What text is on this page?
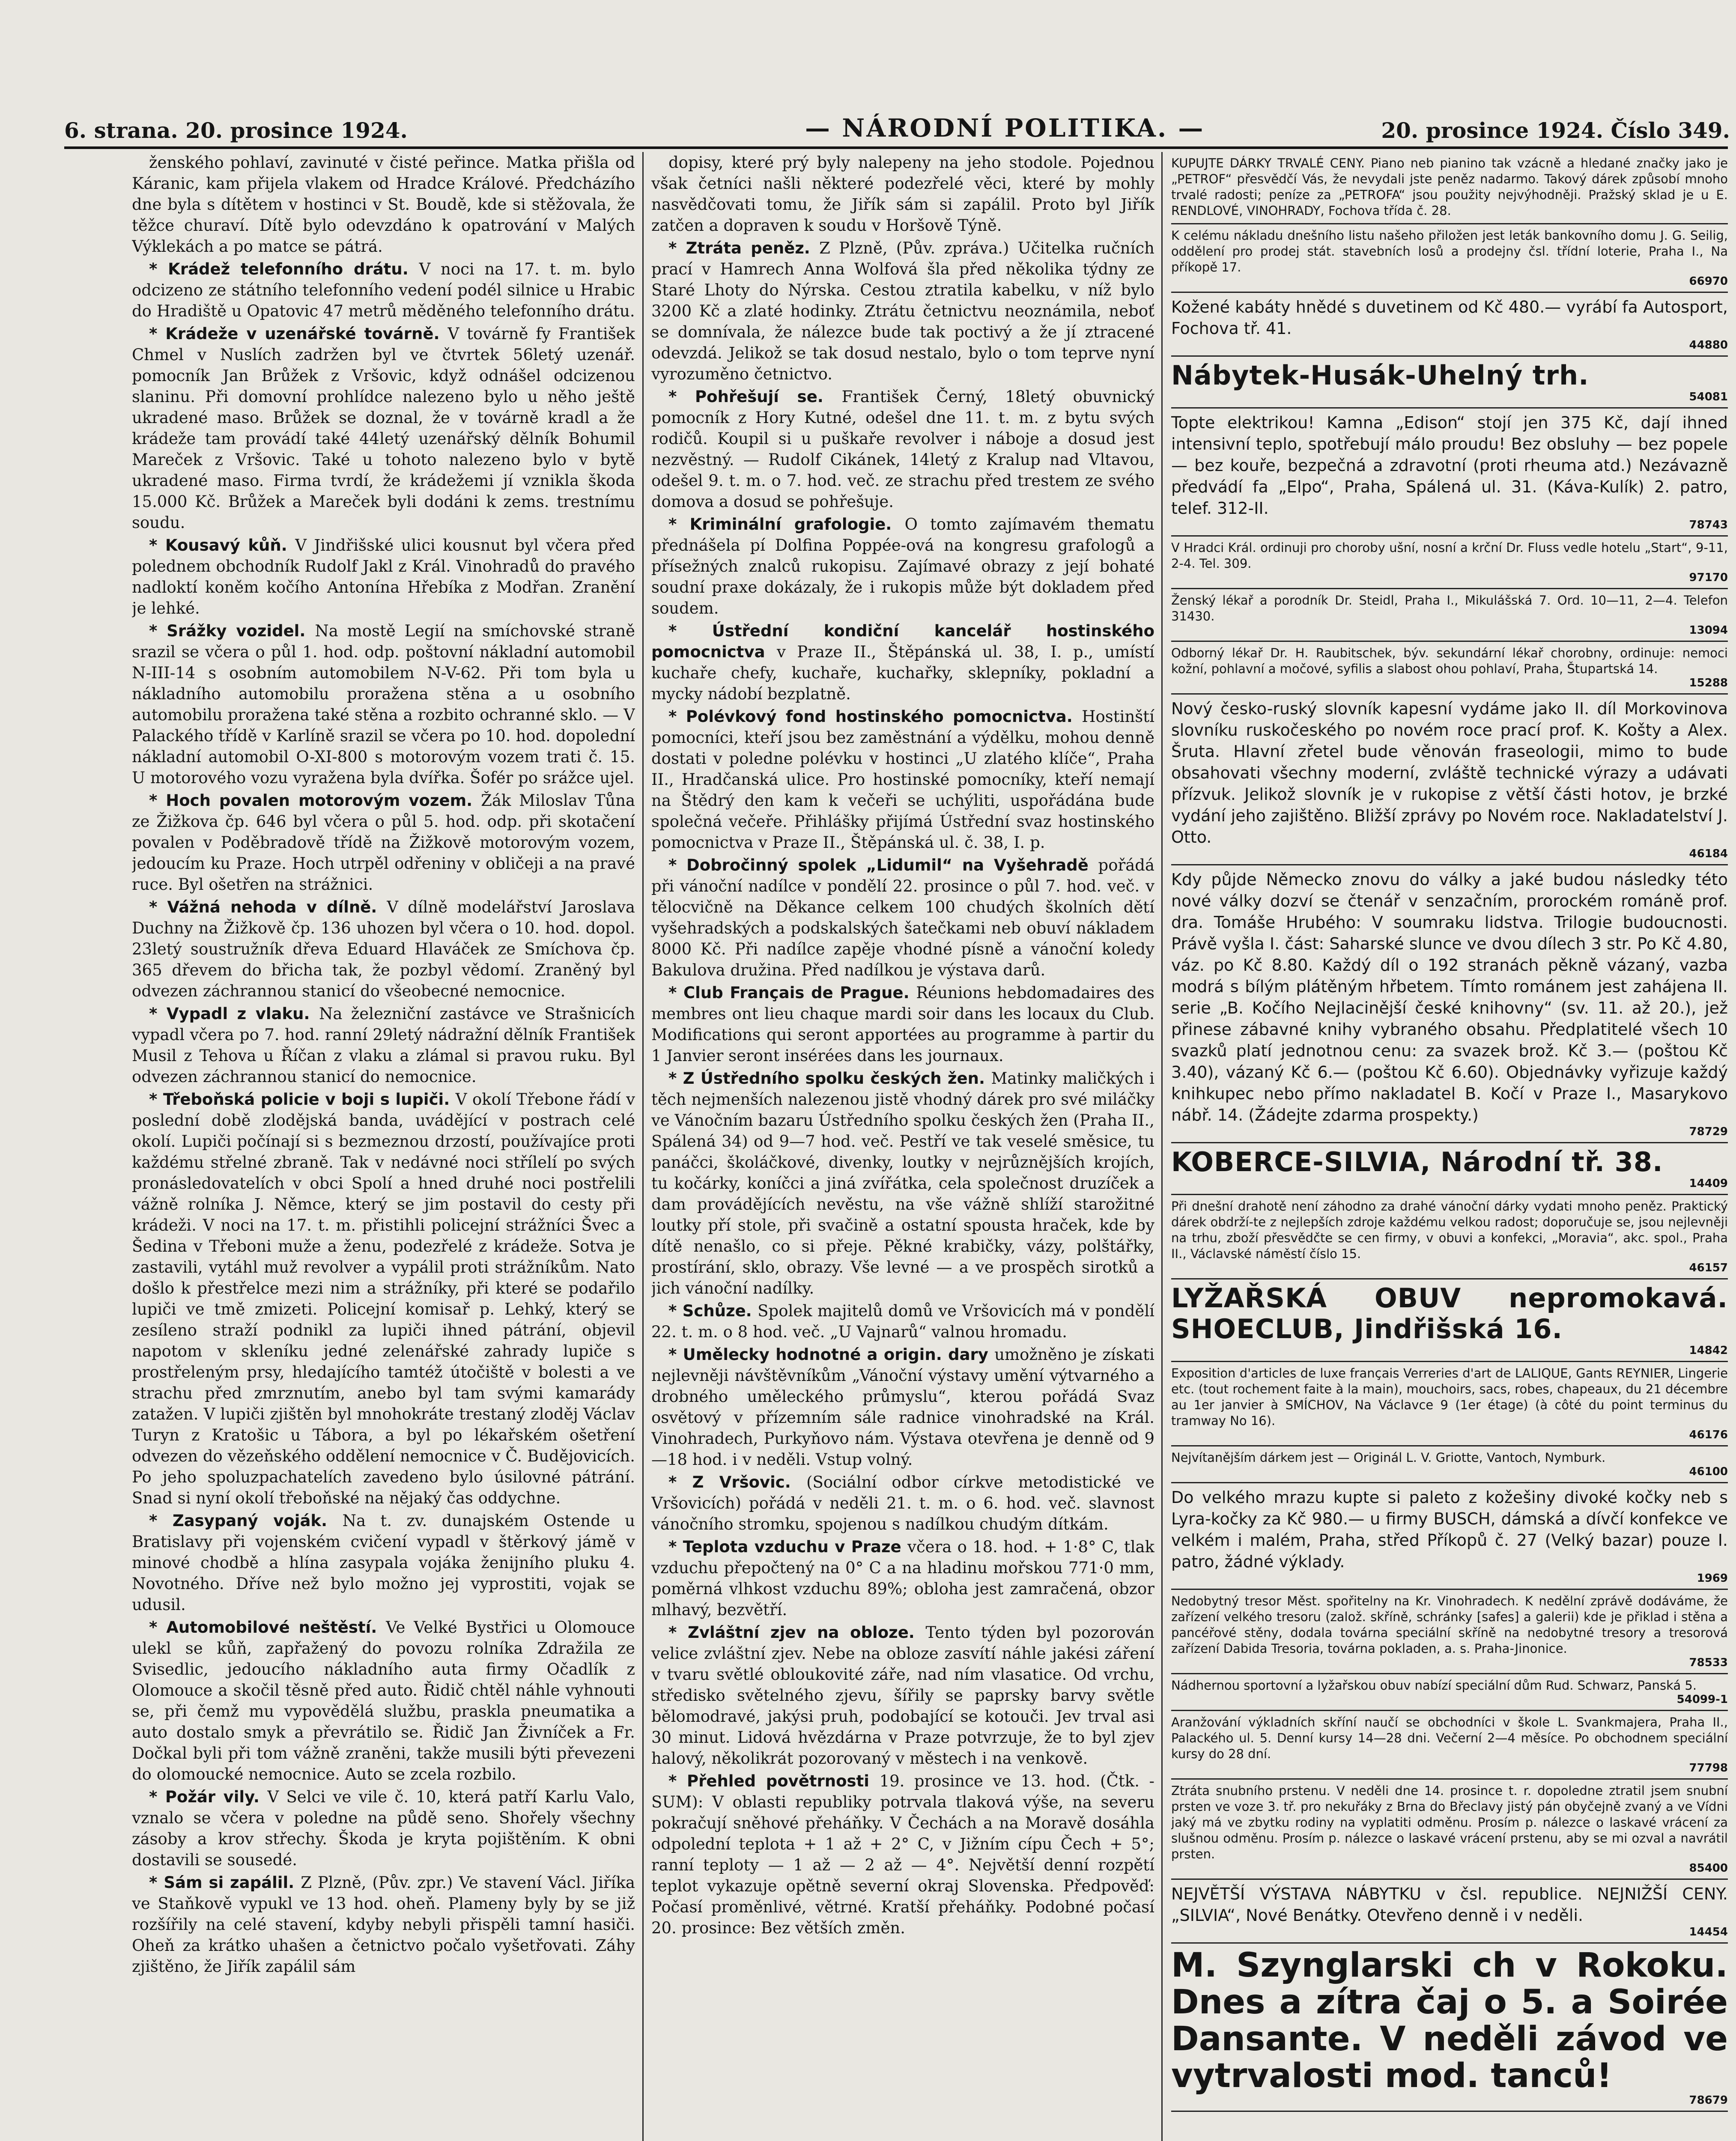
6. strana. 20. prosince 1924.	— NÁRODNÍ POLITIKA. —	20. prosince 1924. Číslo 349.

ženského pohlaví, zavinuté v čisté peřince. Matka přišla od Káranic, kam přijela vlakem od Hradce Králové. Předcházího dne byla s dítětem v hostinci v St. Boudě, kde si stěžovala, že těžce churaví. Dítě bylo odevzdáno k opatrování v Malých Výklekách a po matce se pátrá.

* Krádež telefonního drátu. V noci na 17. t. m. bylo odcizeno ze státního telefonního vedení podél silnice u Hrabic do Hradiště u Opatovic 47 metrů měděného telefonního drátu.

* Krádeže v uzenářské továrně. V továrně fy František Chmel v Nuslích zadržen byl ve čtvrtek 56letý uzenář. pomocník Jan Brůžek z Vršovic, když odnášel odcizenou slaninu. Při domovní prohlídce nalezeno bylo u něho ještě ukradené maso. Brůžek se doznal, že v továrně kradl a že krádeže tam provádí také 44letý uzenářský dělník Bohumil Mareček z Vršovic. Také u tohoto nalezeno bylo v bytě ukradené maso. Firma tvrdí, že krádežemi jí vznikla škoda 15.000 Kč. Brůžek a Mareček byli dodáni k zems. trestnímu soudu.

* Kousavý kůň. V Jindřišské ulici kousnut byl včera před polednem obchodník Rudolf Jakl z Král. Vinohradů do pravého nadloktí koněm kočího Antonína Hřebíka z Modřan. Zranění je lehké.

* Srážky vozidel. Na mostě Legií na smíchovské straně srazil se včera o půl 1. hod. odp. poštovní nákladní automobil N-III-14 s osobním automobilem N-V-62. Při tom byla u nákladního automobilu proražena stěna a u osobního automobilu proražena také stěna a rozbito ochranné sklo. — V Palackého třídě v Karlíně srazil se včera po 10. hod. dopolední nákladní automobil O-XI-800 s motorovým vozem trati č. 15. U motorového vozu vyražena byla dvířka. Šofér po srážce ujel.

* Hoch povalen motorovým vozem. Žák Miloslav Tůna ze Žižkova čp. 646 byl včera o půl 5. hod. odp. při skotačení povalen v Poděbradově třídě na Žižkově motorovým vozem, jedoucím ku Praze. Hoch utrpěl odřeniny v obličeji a na pravé ruce. Byl ošetřen na strážnici.

* Vážná nehoda v dílně. V dílně modelářství Jaroslava Duchny na Žižkově čp. 136 uhozen byl včera o 10. hod. dopol. 23letý soustružník dřeva Eduard Hlaváček ze Smíchova čp. 365 dřevem do břicha tak, že pozbyl vědomí. Zraněný byl odvezen záchrannou stanicí do všeobecné nemocnice.

* Vypadl z vlaku. Na železniční zastávce ve Strašnicích vypadl včera po 7. hod. ranní 29letý nádražní dělník František Musil z Tehova u Říčan z vlaku a zlámal si pravou ruku. Byl odvezen záchrannou stanicí do nemocnice.

* Třeboňská policie v boji s lupiči. V okolí Třebone řádí v poslední době zlodějská banda, uvádějící v postrach celé okolí. Lupiči počínají si s bezmeznou drzostí, používajíce proti každému střelné zbraně. Tak v nedávné noci střílelí po svých pronásledovatelích v obci Spolí a hned druhé noci postřelili vážně rolníka J. Němce, který se jim postavil do cesty při krádeži. V noci na 17. t. m. přistihli policejní strážníci Švec a Šedina v Třeboni muže a ženu, podezřelé z krádeže. Sotva je zastavili, vytáhl muž revolver a vypálil proti strážníkům. Nato došlo k přestřelce mezi nim a strážníky, při které se podařilo lupiči ve tmě zmizeti. Policejní komisař p. Lehký, který se zesíleno straží podnikl za lupiči ihned pátrání, objevil napotom v skleníku jedné zelenářské zahrady lupiče s prostřeleným prsy, hledajícího tamtéž útočiště v bolesti a ve strachu před zmrznutím, anebo byl tam svými kamarády zatažen. V lupiči zjištěn byl mnohokráte trestaný zloděj Václav Turyn z Kratošic u Tábora, a byl po lékařském ošetření odvezen do vězeňského oddělení nemocnice v Č. Budějovicích. Po jeho spoluzpachatelích zavedeno bylo úsilovné pátrání. Snad si nyní okolí třeboňské na nějaký čas oddychne.

* Zasypaný voják. Na t. zv. dunajském Ostende u Bratislavy při vojenském cvičení vypadl v štěrkový jámě v minové chodbě a hlína zasypala vojáka ženijního pluku 4. Novotného. Dříve než bylo možno jej vyprostiti, vojak se udusil.

* Automobilové neštěstí. Ve Velké Bystřici u Olomouce ulekl se kůň, zapřažený do povozu rolníka Zdražila ze Svisedlic, jedoucího nákladního auta firmy Očadlík z Olomouce a skočil těsně před auto. Řidič chtěl náhle vyhnouti se, při čemž mu vypovědělá službu, praskla pneumatika a auto dostalo smyk a převrátilo se. Řidič Jan Živníček a Fr. Dočkal byli při tom vážně zraněni, takže musili býti převezeni do olomoucké nemocnice. Auto se zcela rozbilo.

* Požár vily. V Selci ve vile č. 10, která patří Karlu Valo, vznalo se včera v poledne na půdě seno. Shořely všechny zásoby a krov střechy. Škoda je kryta pojištěním. K obni dostavili se sousedé.

* Sám si zapálil. Z Plzně, (Pův. zpr.) Ve stavení Václ. Jiříka ve Staňkově vypukl ve 13 hod. oheň. Plameny byly by se již rozšířily na celé stavení, kdyby nebyli přispěli tamní hasiči. Oheň za krátko uhašen a četnictvo počalo vyšetřovati. Záhy zjištěno, že Jiřík zapálil sám

dopisy, které prý byly nalepeny na jeho stodole. Pojednou však četníci našli některé podezřelé věci, které by mohly nasvědčovati tomu, že Jiřík sám si zapálil. Proto byl Jiřík zatčen a dopraven k soudu v Horšově Týně.

* Ztráta peněz. Z Plzně, (Pův. zpráva.) Učitelka ručních prací v Hamrech Anna Wolfová šla před několika týdny ze Staré Lhoty do Nýrska. Cestou ztratila kabelku, v níž bylo 3200 Kč a zlaté hodinky. Ztrátu četnictvu neoznámila, neboť se domnívala, že nálezce bude tak poctivý a že jí ztracené odevzdá. Jelikož se tak dosud nestalo, bylo o tom teprve nyní vyrozuměno četnictvo.

* Pohřešují se. František Černý, 18letý obuvnický pomocník z Hory Kutné, odešel dne 11. t. m. z bytu svých rodičů. Koupil si u puškaře revolver i náboje a dosud jest nezvěstný. — Rudolf Cikánek, 14letý z Kralup nad Vltavou, odešel 9. t. m. o 7. hod. več. ze strachu před trestem ze svého domova a dosud se pohřešuje.

* Kriminální grafologie. O tomto zajímavém thematu přednášela pí Dolfina Poppée-ová na kongresu grafologů a přísežných znalců rukopisu. Zajímavé obrazy z její bohaté soudní praxe dokázaly, že i rukopis může být dokladem před soudem.

* Ústřední kondiční kancelář hostinského pomocnictva v Praze II., Štěpánská ul. 38, I. p., umístí kuchaře chefy, kuchaře, kuchařky, sklepníky, pokladní a mycky nádobí bezplatně.

* Polévkový fond hostinského pomocnictva. Hostinští pomocníci, kteří jsou bez zaměstnání a výdělku, mohou denně dostati v poledne polévku v hostinci „U zlatého klíče“, Praha II., Hradčanská ulice. Pro hostinské pomocníky, kteří nemají na Štědrý den kam k večeři se uchýliti, uspořádána bude společná večeře. Přihlášky přijímá Ústřední svaz hostinského pomocnictva v Praze II., Štěpánská ul. č. 38, I. p.

* Dobročinný spolek „Lidumil“ na Vyšehradě pořádá při vánoční nadílce v pondělí 22. prosince o půl 7. hod. več. v tělocvičně na Děkance celkem 100 chudých školních dětí vyšehradských a podskalských šatečkami neb obuví nákladem 8000 Kč. Při nadílce zapěje vhodné písně a vánoční koledy Bakulova družina. Před nadílkou je výstava darů.

* Club Français de Prague. Réunions hebdomadaires des membres ont lieu chaque mardi soir dans les locaux du Club. Modifications qui seront apportées au programme à partir du 1 Janvier seront insérées dans les journaux.

* Z Ústředního spolku českých žen. Matinky maličkých i těch nejmenších nalezenou jistě vhodný dárek pro své miláčky ve Vánočním bazaru Ústředního spolku českých žen (Praha II., Spálená 34) od 9—7 hod. več. Pestří ve tak veselé směsice, tu panáčci, školáčkové, divenky, loutky v nejrůznějších krojích, tu kočárky, koníčci a jiná zvířátka, cela společnost druzíček a dam provádějících nevěstu, na vše vážně shlíží starožitné loutky pří stole, při svačině a ostatní spousta hraček, kde by dítě nenašlo, co si přeje. Pěkné krabičky, vázy, polštářky, prostírání, sklo, obrazy. Vše levné — a ve prospěch sirotků a jich vánoční nadílky.

* Schůze. Spolek majitelů domů ve Vršovicích má v pondělí 22. t. m. o 8 hod. več. „U Vajnarů“ valnou hromadu.

* Umělecky hodnotné a origin. dary umožněno je získati nejlevněji návštěvníkům „Vánoční výstavy umění výtvarného a drobného uměleckého průmyslu“, kterou pořádá Svaz osvětový v přízemním sále radnice vinohradské na Král. Vinohradech, Purkyňovo nám. Výstava otevřena je denně od 9—18 hod. i v neděli. Vstup volný.

* Z Vršovic. (Sociální odbor církve metodistické ve Vršovicích) pořádá v neděli 21. t. m. o 6. hod. več. slavnost vánočního stromku, spojenou s nadílkou chudým dítkám.

* Teplota vzduchu v Praze včera o 18. hod. + 1·8° C, tlak vzduchu přepočtený na 0° C a na hladinu mořskou 771·0 mm, poměrná vlhkost vzduchu 89%; obloha jest zamračená, obzor mlhavý, bezvětří.

* Zvláštní zjev na obloze. Tento týden byl pozorován velice zvláštní zjev. Nebe na obloze zasvítí náhle jakési záření v tvaru světlé obloukovité záře, nad ním vlasatice. Od vrchu, středisko světelného zjevu, šířily se paprsky barvy světle bělomodravé, jakýsi pruh, podobající se kotouči. Jev trval asi 30 minut. Lidová hvězdárna v Praze potvrzuje, že to byl zjev halový, několikrát pozorovaný v městech i na venkově.

* Přehled povětrnosti 19. prosince ve 13. hod. (Čtk. - SUM): V oblasti republiky potrvala tlaková výše, na severu pokračují sněhové přeháňky. V Čechách a na Moravě dosáhla odpolední teplota + 1 až + 2° C, v Jižním cípu Čech + 5°; ranní teploty — 1 až — 2 až — 4°. Největší denní rozpětí teplot vykazuje opětně severní okraj Slovenska. Předpověď: Počasí proměnlivé, větrné. Kratší přeháňky. Podobné počasí 20. prosince: Bez větších změn.

KUPUJTE DÁRKY TRVALÉ CENY. Piano neb pianino tak vzácně a hledané značky jako je „PETROF“ přesvědčí Vás, že nevydali jste peněz nadarmo. Takový dárek způsobí mnoho trvalé radosti; peníze za „PETROFA“ jsou použity nejvýhodněji. Pražský sklad je u E. RENDLOVÉ, VINOHRADY, Fochova třída č. 28.

K celému nákladu dnešního listu našeho přiložen jest leták bankovního domu J. G. Seilig, oddělení pro prodej stát. stavebních losů a prodejny čsl. třídní loterie, Praha I., Na příkopě 17.

66970

Kožené kabáty hnědé s duvetinem od Kč 480.— vyrábí fa Autosport, Fochova tř. 41.

44880

Nábytek-Husák-Uhelný trh.

54081

Topte elektrikou! Kamna „Edison“ stojí jen 375 Kč, dají ihned intensivní teplo, spotřebují málo proudu! Bez obsluhy — bez popele — bez kouře, bezpečná a zdravotní (proti rheuma atd.) Nezávazně předvádí fa „Elpo“, Praha, Spálená ul. 31. (Káva-Kulík) 2. patro, telef. 312-II.

78743

V Hradci Král. ordinuji pro choroby ušní, nosní a krční Dr. Fluss vedle hotelu „Start“, 9-11, 2-4. Tel. 309.

97170

Ženský lékař a porodník Dr. Steidl, Praha I., Mikulášská 7. Ord. 10—11, 2—4. Telefon 31430.

13094

Odborný lékař Dr. H. Raubitschek, býv. sekundární lékař chorobny, ordinuje: nemoci kožní, pohlavní a močové, syfilis a slabost ohou pohlaví, Praha, Štupartská 14.

15288

Nový česko-ruský slovník kapesní vydáme jako II. díl Morkovinova slovníku ruskočeského po novém roce prací prof. K. Košty a Alex. Šruta. Hlavní zřetel bude věnován fraseologii, mimo to bude obsahovati všechny moderní, zvláště technické výrazy a udávati přízvuk. Jelikož slovník je v rukopise z větší části hotov, je brzké vydání jeho zajištěno. Bližší zprávy po Novém roce. Nakladatelství J. Otto.

46184

Kdy půjde Německo znovu do války a jaké budou následky této nové války dozví se čtenář v senzačním, prorockém románě prof. dra. Tomáše Hrubého: V soumraku lidstva. Trilogie budoucnosti. Právě vyšla I. část: Saharské slunce ve dvou dílech 3 str. Po Kč 4.80, váz. po Kč 8.80. Každý díl o 192 stranách pěkně vázaný, vazba modrá s bílým plátěným hřbetem. Tímto románem jest zahájena II. serie „B. Kočího Nejlacinější české knihovny“ (sv. 11. až 20.), jež přinese zábavné knihy vybraného obsahu. Předplatitelé všech 10 svazků platí jednotnou cenu: za svazek brož. Kč 3.— (poštou Kč 3.40), vázaný Kč 6.— (poštou Kč 6.60). Objednávky vyřizuje každý knihkupec nebo přímo nakladatel B. Kočí v Praze I., Masarykovo nábř. 14. (Žádejte zdarma prospekty.)

78729

KOBERCE-SILVIA, Národní tř. 38.

14409

Při dnešní drahotě není záhodno za drahé vánoční dárky vydati mnoho peněz. Praktický dárek obdrží-te z nejlepších zdroje každému velkou radost; doporučuje se, jsou nejlevněji na trhu, zboží přesvědčte se cen firmy, v obuvi a konfekci, „Moravia“, akc. spol., Praha II., Václavské náměstí číslo 15.

46157

LYŽAŘSKÁ OBUV nepromokavá. SHOECLUB, Jindřišská 16.

14842

Exposition d'articles de luxe français Verreries d'art de LALIQUE, Gants REYNIER, Lingerie etc. (tout rochement faite à la main), mouchoirs, sacs, robes, chapeaux, du 21 décembre au 1er janvier à SMÍCHOV, Na Václavce 9 (1er étage) (à côté du point terminus du tramway No 16).

46176

Nejvítanějším dárkem jest — Originál L. V. Griotte, Vantoch, Nymburk.

46100

Do velkého mrazu kupte si paleto z kožešiny divoké kočky neb s Lyra-kočky za Kč 980.— u firmy BUSCH, dámská a dívčí konfekce ve velkém i malém, Praha, střed Příkopů č. 27 (Velký bazar) pouze I. patro, žádné výklady.

1969

Nedobytný tresor Měst. spořitelny na Kr. Vinohradech. K nedělní zprávě dodáváme, že zařízení velkého tresoru (založ. skříně, schránky [safes] a galerii) kde je přiklad i stěna a pancéřové stěny, dodala továrna speciální skříně na nedobytné tresory a tresorová zařízení Dabida Tresoria, továrna pokladen, a. s. Praha-Jinonice.

78533

Nádhernou sportovní a lyžařskou obuv nabízí speciální dům Rud. Schwarz, Panská 5.

54099-1

Aranžování výkladních skříní naučí se obchodníci v škole L. Svankmajera, Praha II., Palackého ul. 5. Denní kursy 14—28 dni. Večerní 2—4 měsíce. Po obchodnem speciální kursy do 28 dní.

77798

Ztráta snubního prstenu. V neděli dne 14. prosince t. r. dopoledne ztratil jsem snubní prsten ve voze 3. tř. pro nekuřáky z Brna do Břeclavy jistý pán obyčejně zvaný a ve Vídni jaký má ve zbytku rodiny na vyplatiti odměnu. Prosím p. nálezce o laskavé vrácení za slušnou odměnu. Prosím p. nálezce o laskavé vrácení prstenu, aby se mi ozval a navrátil prsten.

85400

NEJVĚTŠÍ VÝSTAVA NÁBYTKU v čsl. republice. NEJNIŽŠÍ CENY. „SILVIA“, Nové Benátky. Otevřeno denně i v neděli.

14454

M. Szynglarski ch v Rokoku. Dnes a zítra čaj o 5. a Soirée Dansante. V neděli závod ve vytrvalosti mod. tanců!

78679
